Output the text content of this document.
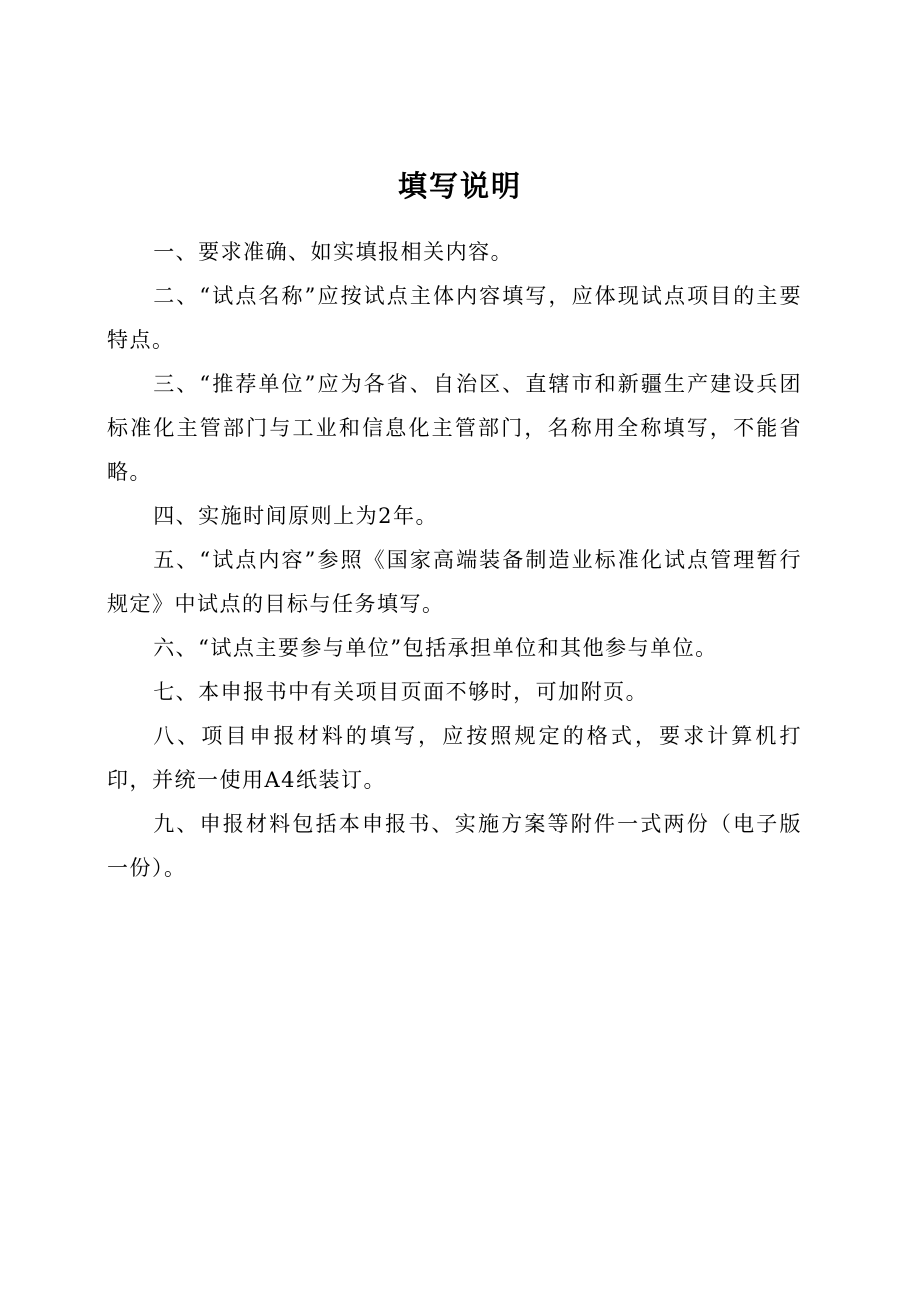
填写说明

一、要求准确、如实填报相关内容。

二、“试点名称”应按试点主体内容填写，应体现试点项目的主要特点。

三、“推荐单位”应为各省、自治区、直辖市和新疆生产建设兵团标准化主管部门与工业和信息化主管部门，名称用全称填写，不能省略。

四、实施时间原则上为2年。

五、“试点内容”参照《国家高端装备制造业标准化试点管理暂行规定》中试点的目标与任务填写。

六、“试点主要参与单位”包括承担单位和其他参与单位。

七、本申报书中有关项目页面不够时，可加附页。

八、项目申报材料的填写，应按照规定的格式，要求计算机打印，并统一使用A4纸装订。

九、申报材料包括本申报书、实施方案等附件一式两份（电子版一份）。
